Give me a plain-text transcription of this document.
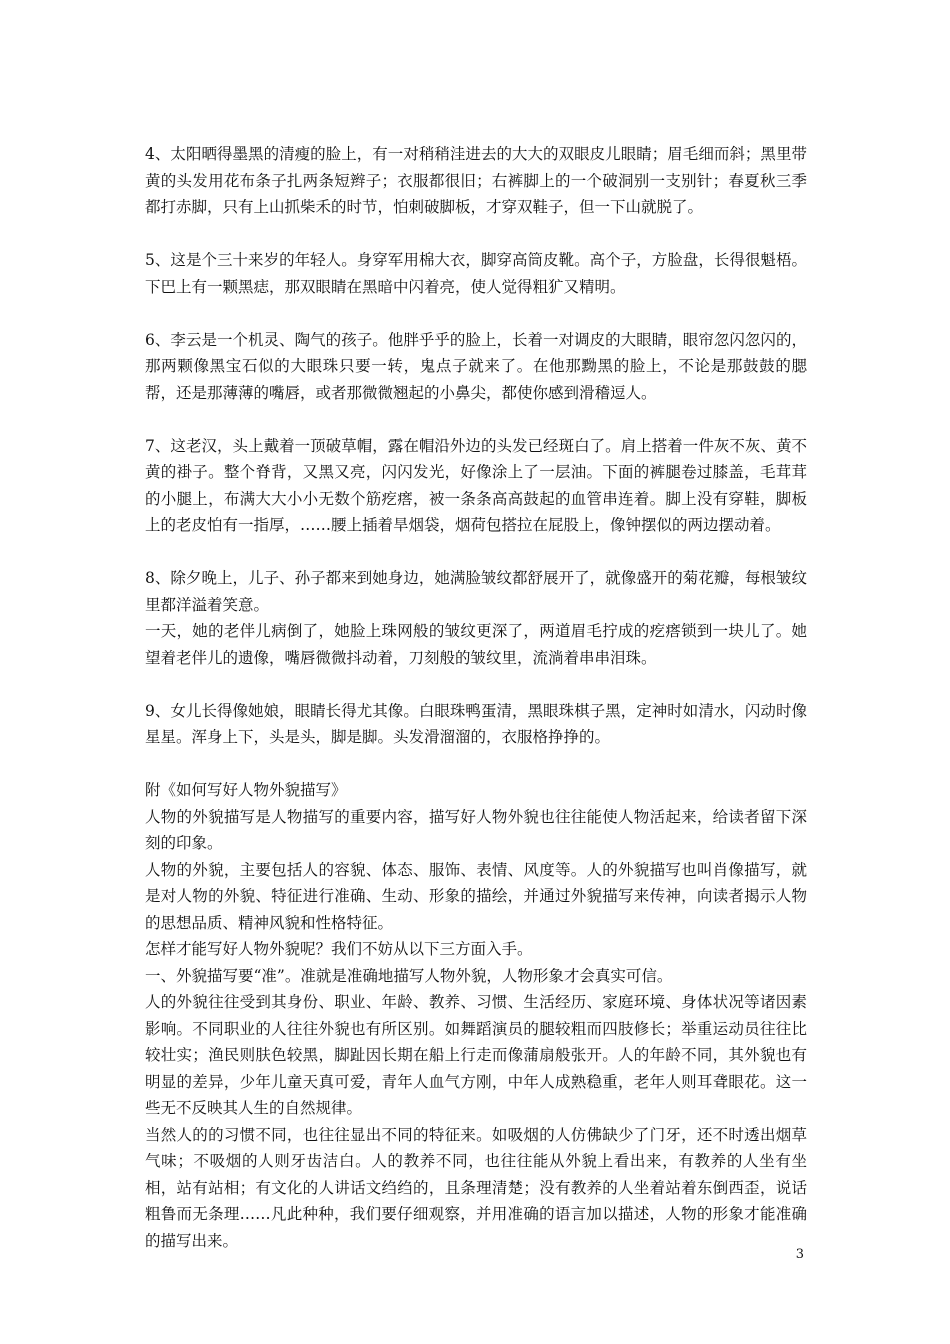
4、太阳晒得墨黑的清瘦的脸上，有一对稍稍洼进去的大大的双眼皮儿眼睛；眉毛细而斜；黑里带黄的头发用花布条子扎两条短辫子；衣服都很旧；右裤脚上的一个破洞别一支别针；春夏秋三季都打赤脚，只有上山抓柴禾的时节，怕刺破脚板，才穿双鞋子，但一下山就脱了。

5、这是个三十来岁的年轻人。身穿军用棉大衣，脚穿高筒皮靴。高个子，方脸盘，长得很魁梧。下巴上有一颗黑痣，那双眼睛在黑暗中闪着亮，使人觉得粗犷又精明。

6、李云是一个机灵、陶气的孩子。他胖乎乎的脸上，长着一对调皮的大眼睛，眼帘忽闪忽闪的，那两颗像黑宝石似的大眼珠只要一转，鬼点子就来了。在他那黝黑的脸上，不论是那鼓鼓的腮帮，还是那薄薄的嘴唇，或者那微微翘起的小鼻尖，都使你感到滑稽逗人。

7、这老汉，头上戴着一顶破草帽，露在帽沿外边的头发已经斑白了。肩上搭着一件灰不灰、黄不黄的褂子。整个脊背，又黑又亮，闪闪发光，好像涂上了一层油。下面的裤腿卷过膝盖，毛茸茸的小腿上，布满大大小小无数个筋疙瘩，被一条条高高鼓起的血管串连着。脚上没有穿鞋，脚板上的老皮怕有一指厚，……腰上插着旱烟袋，烟荷包搭拉在屁股上，像钟摆似的两边摆动着。

8、除夕晚上，儿子、孙子都来到她身边，她满脸皱纹都舒展开了，就像盛开的菊花瓣，每根皱纹里都洋溢着笑意。

一天，她的老伴儿病倒了，她脸上珠网般的皱纹更深了，两道眉毛拧成的疙瘩锁到一块儿了。她望着老伴儿的遗像，嘴唇微微抖动着，刀刻般的皱纹里，流淌着串串泪珠。

9、女儿长得像她娘，眼睛长得尤其像。白眼珠鸭蛋清，黑眼珠棋子黑，定神时如清水，闪动时像星星。浑身上下，头是头，脚是脚。头发滑溜溜的，衣服格挣挣的。

附《如何写好人物外貌描写》

人物的外貌描写是人物描写的重要内容，描写好人物外貌也往往能使人物活起来，给读者留下深刻的印象。

人物的外貌，主要包括人的容貌、体态、服饰、表情、风度等。人的外貌描写也叫肖像描写，就是对人物的外貌、特征进行准确、生动、形象的描绘，并通过外貌描写来传神，向读者揭示人物的思想品质、精神风貌和性格特征。

怎样才能写好人物外貌呢？我们不妨从以下三方面入手。

一、外貌描写要“准”。准就是准确地描写人物外貌，人物形象才会真实可信。

人的外貌往往受到其身份、职业、年龄、教养、习惯、生活经历、家庭环境、身体状况等诸因素影响。不同职业的人往往外貌也有所区别。如舞蹈演员的腿较粗而四肢修长；举重运动员往往比较壮实；渔民则肤色较黑，脚趾因长期在船上行走而像蒲扇般张开。人的年龄不同，其外貌也有明显的差异，少年儿童天真可爱，青年人血气方刚，中年人成熟稳重，老年人则耳聋眼花。这一些无不反映其人生的自然规律。

当然人的的习惯不同，也往往显出不同的特征来。如吸烟的人仿佛缺少了门牙，还不时透出烟草气味；不吸烟的人则牙齿洁白。人的教养不同，也往往能从外貌上看出来，有教养的人坐有坐相，站有站相；有文化的人讲话文绉绉的，且条理清楚；没有教养的人坐着站着东倒西歪，说话粗鲁而无条理……凡此种种，我们要仔细观察，并用准确的语言加以描述，人物的形象才能准确的描写出来。

3
